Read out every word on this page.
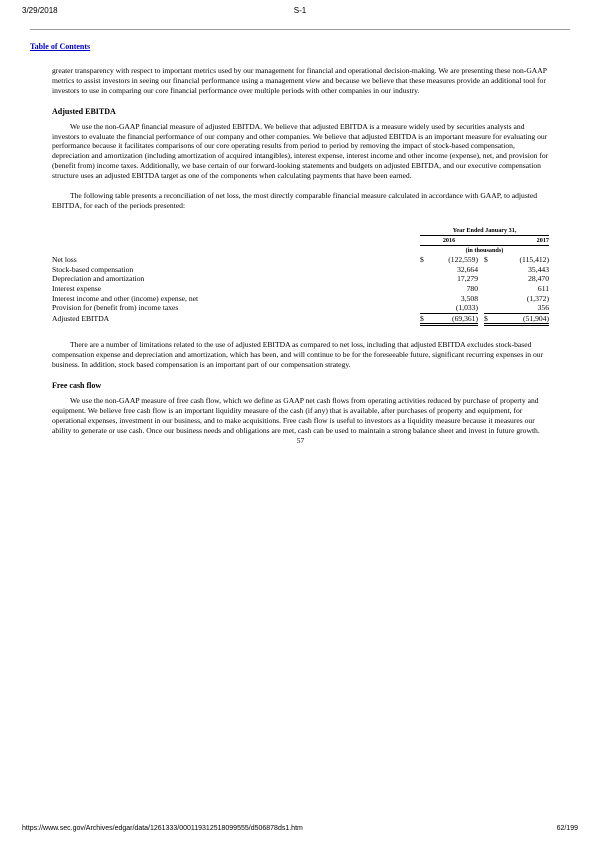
3/29/2018	S-1
Table of Contents

greater transparency with respect to important metrics used by our management for financial and operational decision-making. We are presenting these non-GAAP metrics to assist investors in seeing our financial performance using a management view and because we believe that these measures provide an additional tool for investors to use in comparing our core financial performance over multiple periods with other companies in our industry.

Adjusted EBITDA

We use the non-GAAP financial measure of adjusted EBITDA. We believe that adjusted EBITDA is a measure widely used by securities analysts and investors to evaluate the financial performance of our company and other companies. We believe that adjusted EBITDA is an important measure for evaluating our performance because it facilitates comparisons of our core operating results from period to period by removing the impact of stock-based compensation, depreciation and amortization (including amortization of acquired intangibles), interest expense, interest income and other income (expense), net, and provision for (benefit from) income taxes. Additionally, we base certain of our forward-looking statements and budgets on adjusted EBITDA, and our executive compensation structure uses an adjusted EBITDA target as one of the components when calculating payments that have been earned.

The following table presents a reconciliation of net loss, the most directly comparable financial measure calculated in accordance with GAAP, to adjusted EBITDA, for each of the periods presented:

	Year Ended January 31,		
	2016		2017
	(in thousands)		
Net loss	$ (122,559)		$ (115,412)

Stock-based compensation	32,664		35,443
Depreciation and amortization	17,279		28,470
Interest expense	780		611
Interest income and other (income) expense, net	3,508		(1,372)
Provision for (benefit from) income taxes	(1,033)		356
Adjusted EBITDA	$ (69,361)		$ (51,904)

There are a number of limitations related to the use of adjusted EBITDA as compared to net loss, including that adjusted EBITDA excludes stock-based compensation expense and depreciation and amortization, which has been, and will continue to be for the foreseeable future, significant recurring expenses in our business. In addition, stock based compensation is an important part of our compensation strategy.

Free cash flow

We use the non-GAAP measure of free cash flow, which we define as GAAP net cash flows from operating activities reduced by purchase of property and equipment. We believe free cash flow is an important liquidity measure of the cash (if any) that is available, after purchases of property and equipment, for operational expenses, investment in our business, and to make acquisitions. Free cash flow is useful to investors as a liquidity measure because it measures our ability to generate or use cash. Once our business needs and obligations are met, cash can be used to maintain a strong balance sheet and invest in future growth.

57

https://www.sec.gov/Archives/edgar/data/1261333/000119312518099555/d506878ds1.htm	62/199
